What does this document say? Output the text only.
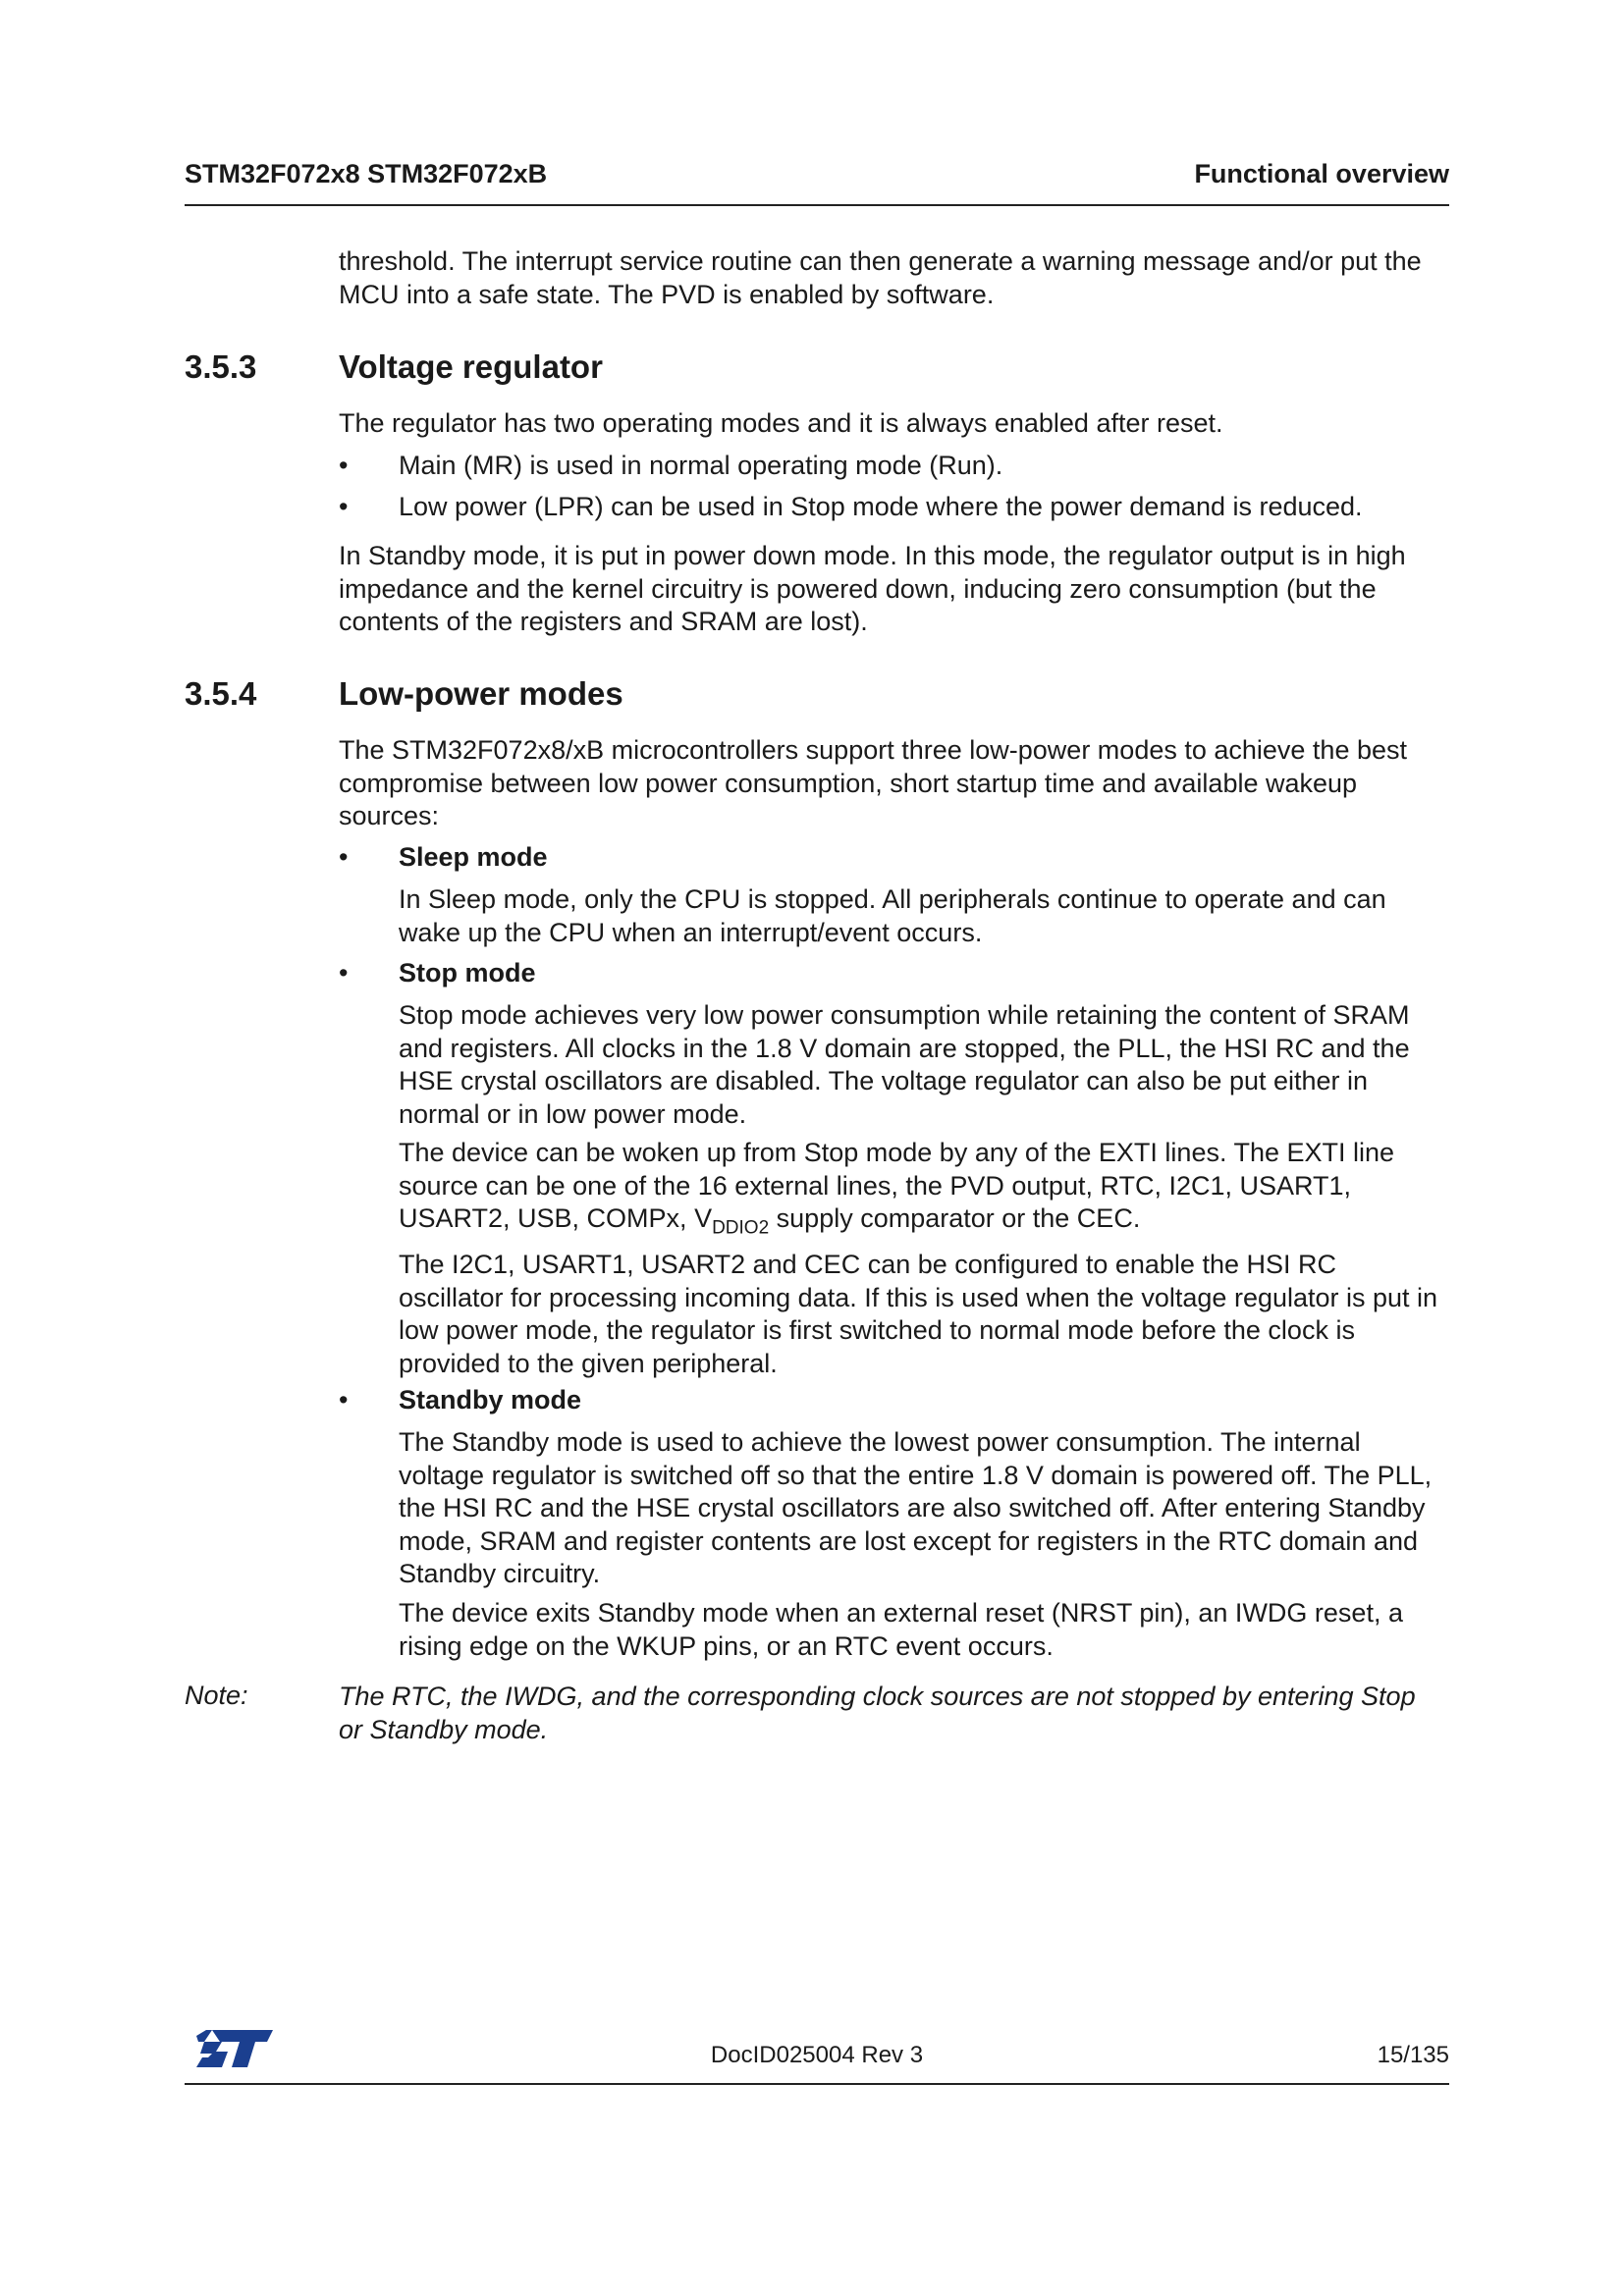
STM32F072x8 STM32F072xB	Functional overview

threshold. The interrupt service routine can then generate a warning message and/or put the MCU into a safe state. The PVD is enabled by software.

3.5.3	Voltage regulator

The regulator has two operating modes and it is always enabled after reset.

• Main (MR) is used in normal operating mode (Run).
• Low power (LPR) can be used in Stop mode where the power demand is reduced.

In Standby mode, it is put in power down mode. In this mode, the regulator output is in high impedance and the kernel circuitry is powered down, inducing zero consumption (but the contents of the registers and SRAM are lost).

3.5.4	Low-power modes

The STM32F072x8/xB microcontrollers support three low-power modes to achieve the best compromise between low power consumption, short startup time and available wakeup sources:

• Sleep mode

In Sleep mode, only the CPU is stopped. All peripherals continue to operate and can wake up the CPU when an interrupt/event occurs.

• Stop mode

Stop mode achieves very low power consumption while retaining the content of SRAM and registers. All clocks in the 1.8 V domain are stopped, the PLL, the HSI RC and the HSE crystal oscillators are disabled. The voltage regulator can also be put either in normal or in low power mode.

The device can be woken up from Stop mode by any of the EXTI lines. The EXTI line source can be one of the 16 external lines, the PVD output, RTC, I2C1, USART1, USART2, USB, COMPx, $V_{DDIO2}$ supply comparator or the CEC.

The I2C1, USART1, USART2 and CEC can be configured to enable the HSI RC oscillator for processing incoming data. If this is used when the voltage regulator is put in low power mode, the regulator is first switched to normal mode before the clock is provided to the given peripheral.

• Standby mode

The Standby mode is used to achieve the lowest power consumption. The internal voltage regulator is switched off so that the entire 1.8 V domain is powered off. The PLL, the HSI RC and the HSE crystal oscillators are also switched off. After entering Standby mode, SRAM and register contents are lost except for registers in the RTC domain and Standby circuitry.

The device exits Standby mode when an external reset (NRST pin), an IWDG reset, a rising edge on the WKUP pins, or an RTC event occurs.

Note:	The RTC, the IWDG, and the corresponding clock sources are not stopped by entering Stop or Standby mode.

DocID025004 Rev 3	15/135
